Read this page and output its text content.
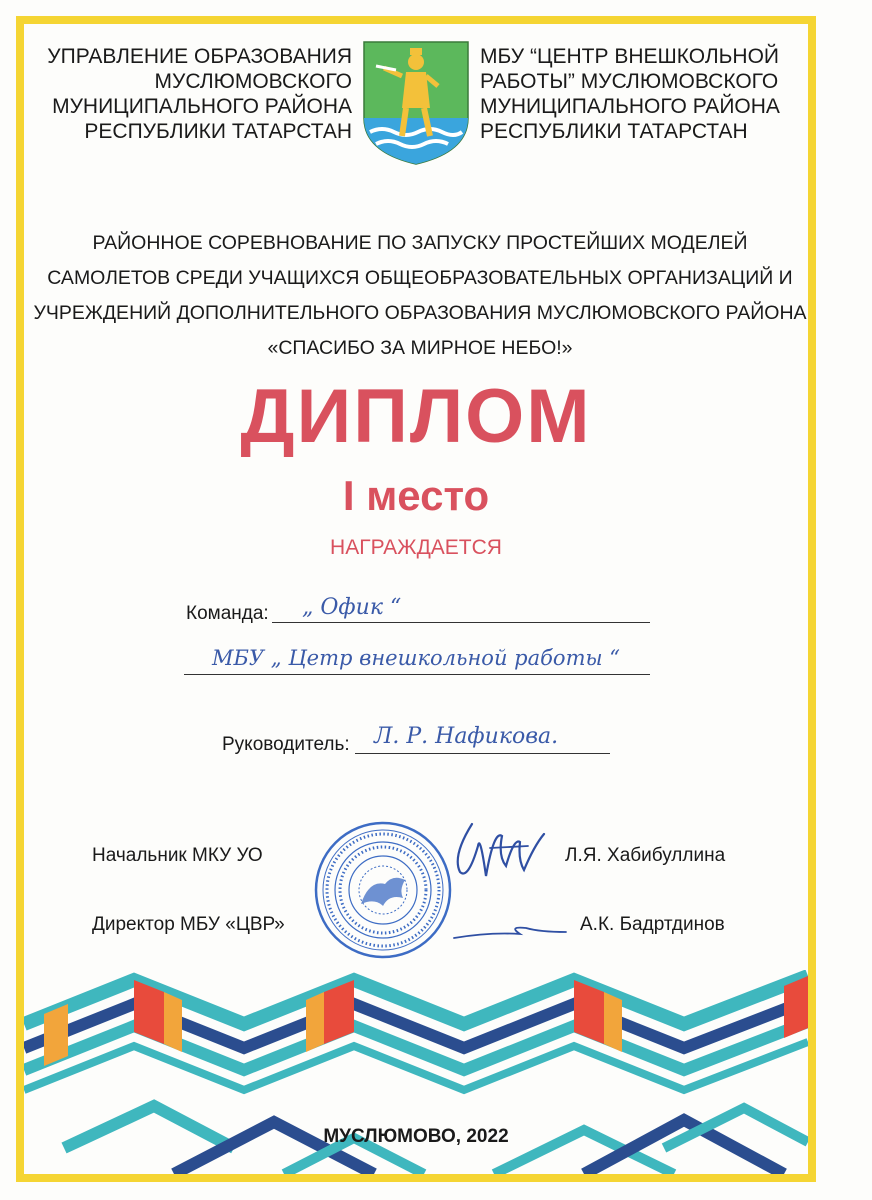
УПРАВЛЕНИЕ ОБРАЗОВАНИЯ
МУСЛЮМОВСКОГО
МУНИЦИПАЛЬНОГО РАЙОНА
РЕСПУБЛИКИ ТАТАРСТАН
МБУ “ЦЕНТР ВНЕШКОЛЬНОЙ
РАБОТЫ” МУСЛЮМОВСКОГО
МУНИЦИПАЛЬНОГО РАЙОНА
РЕСПУБЛИКИ ТАТАРСТАН
РАЙОННОЕ СОРЕВНОВАНИЕ ПО ЗАПУСКУ ПРОСТЕЙШИХ МОДЕЛЕЙ
САМОЛЕТОВ СРЕДИ УЧАЩИХСЯ ОБЩЕОБРАЗОВАТЕЛЬНЫХ ОРГАНИЗАЦИЙ И
УЧРЕЖДЕНИЙ ДОПОЛНИТЕЛЬНОГО ОБРАЗОВАНИЯ МУСЛЮМОВСКОГО РАЙОНА
«СПАСИБО ЗА МИРНОЕ НЕБО!»
ДИПЛОМ
I место
НАГРАЖДАЕТСЯ
Команда: „ Офик “
МБУ „ Цетр внешкольной работы “
Руководитель: Л. Р. Нафикова.
Начальник МКУ УО	Л.Я. Хабибуллина
Директор МБУ «ЦВР»	А.К. Бадртдинов
МУСЛЮМОВО, 2022
